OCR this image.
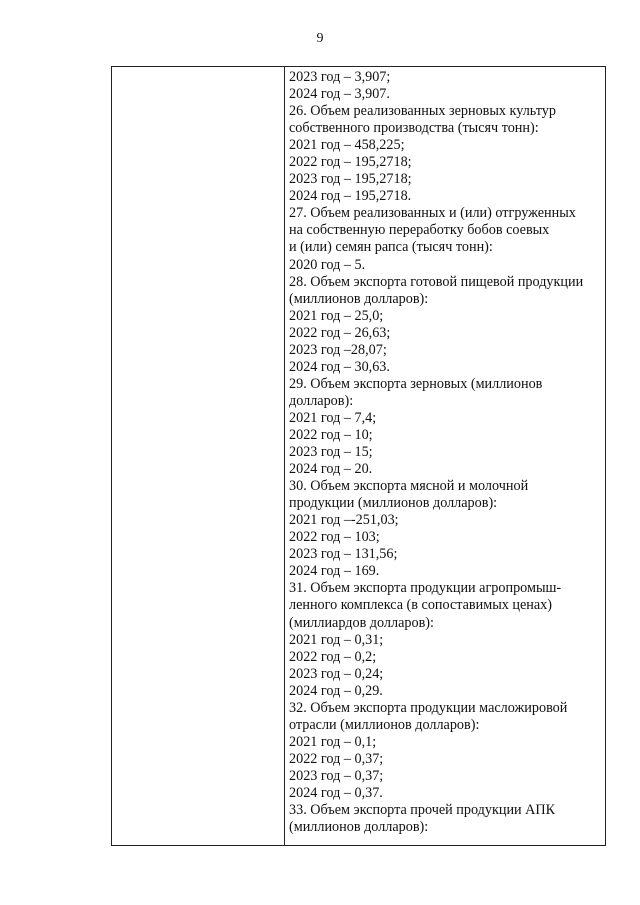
9
2023 год – 3,907;
2024 год – 3,907.
26. Объем реализованных зерновых культур
собственного производства (тысяч тонн):
2021 год – 458,225;
2022 год – 195,2718;
2023 год – 195,2718;
2024 год – 195,2718.
27. Объем реализованных и (или) отгруженных
на собственную переработку бобов соевых
и (или) семян рапса (тысяч тонн):
2020 год – 5.
28. Объем экспорта готовой пищевой продукции
(миллионов долларов):
2021 год – 25,0;
2022 год – 26,63;
2023 год –28,07;
2024 год – 30,63.
29. Объем экспорта зерновых (миллионов
долларов):
2021 год – 7,4;
2022 год – 10;
2023 год – 15;
2024 год – 20.
30. Объем экспорта мясной и молочной
продукции (миллионов долларов):
2021 год –-251,03;
2022 год – 103;
2023 год – 131,56;
2024 год – 169.
31. Объем экспорта продукции агропромыш-
ленного комплекса (в сопоставимых ценах)
(миллиардов долларов):
2021 год – 0,31;
2022 год – 0,2;
2023 год – 0,24;
2024 год – 0,29.
32. Объем экспорта продукции масложировой
отрасли (миллионов долларов):
2021 год – 0,1;
2022 год – 0,37;
2023 год – 0,37;
2024 год – 0,37.
33. Объем экспорта прочей продукции АПК
(миллионов долларов):
